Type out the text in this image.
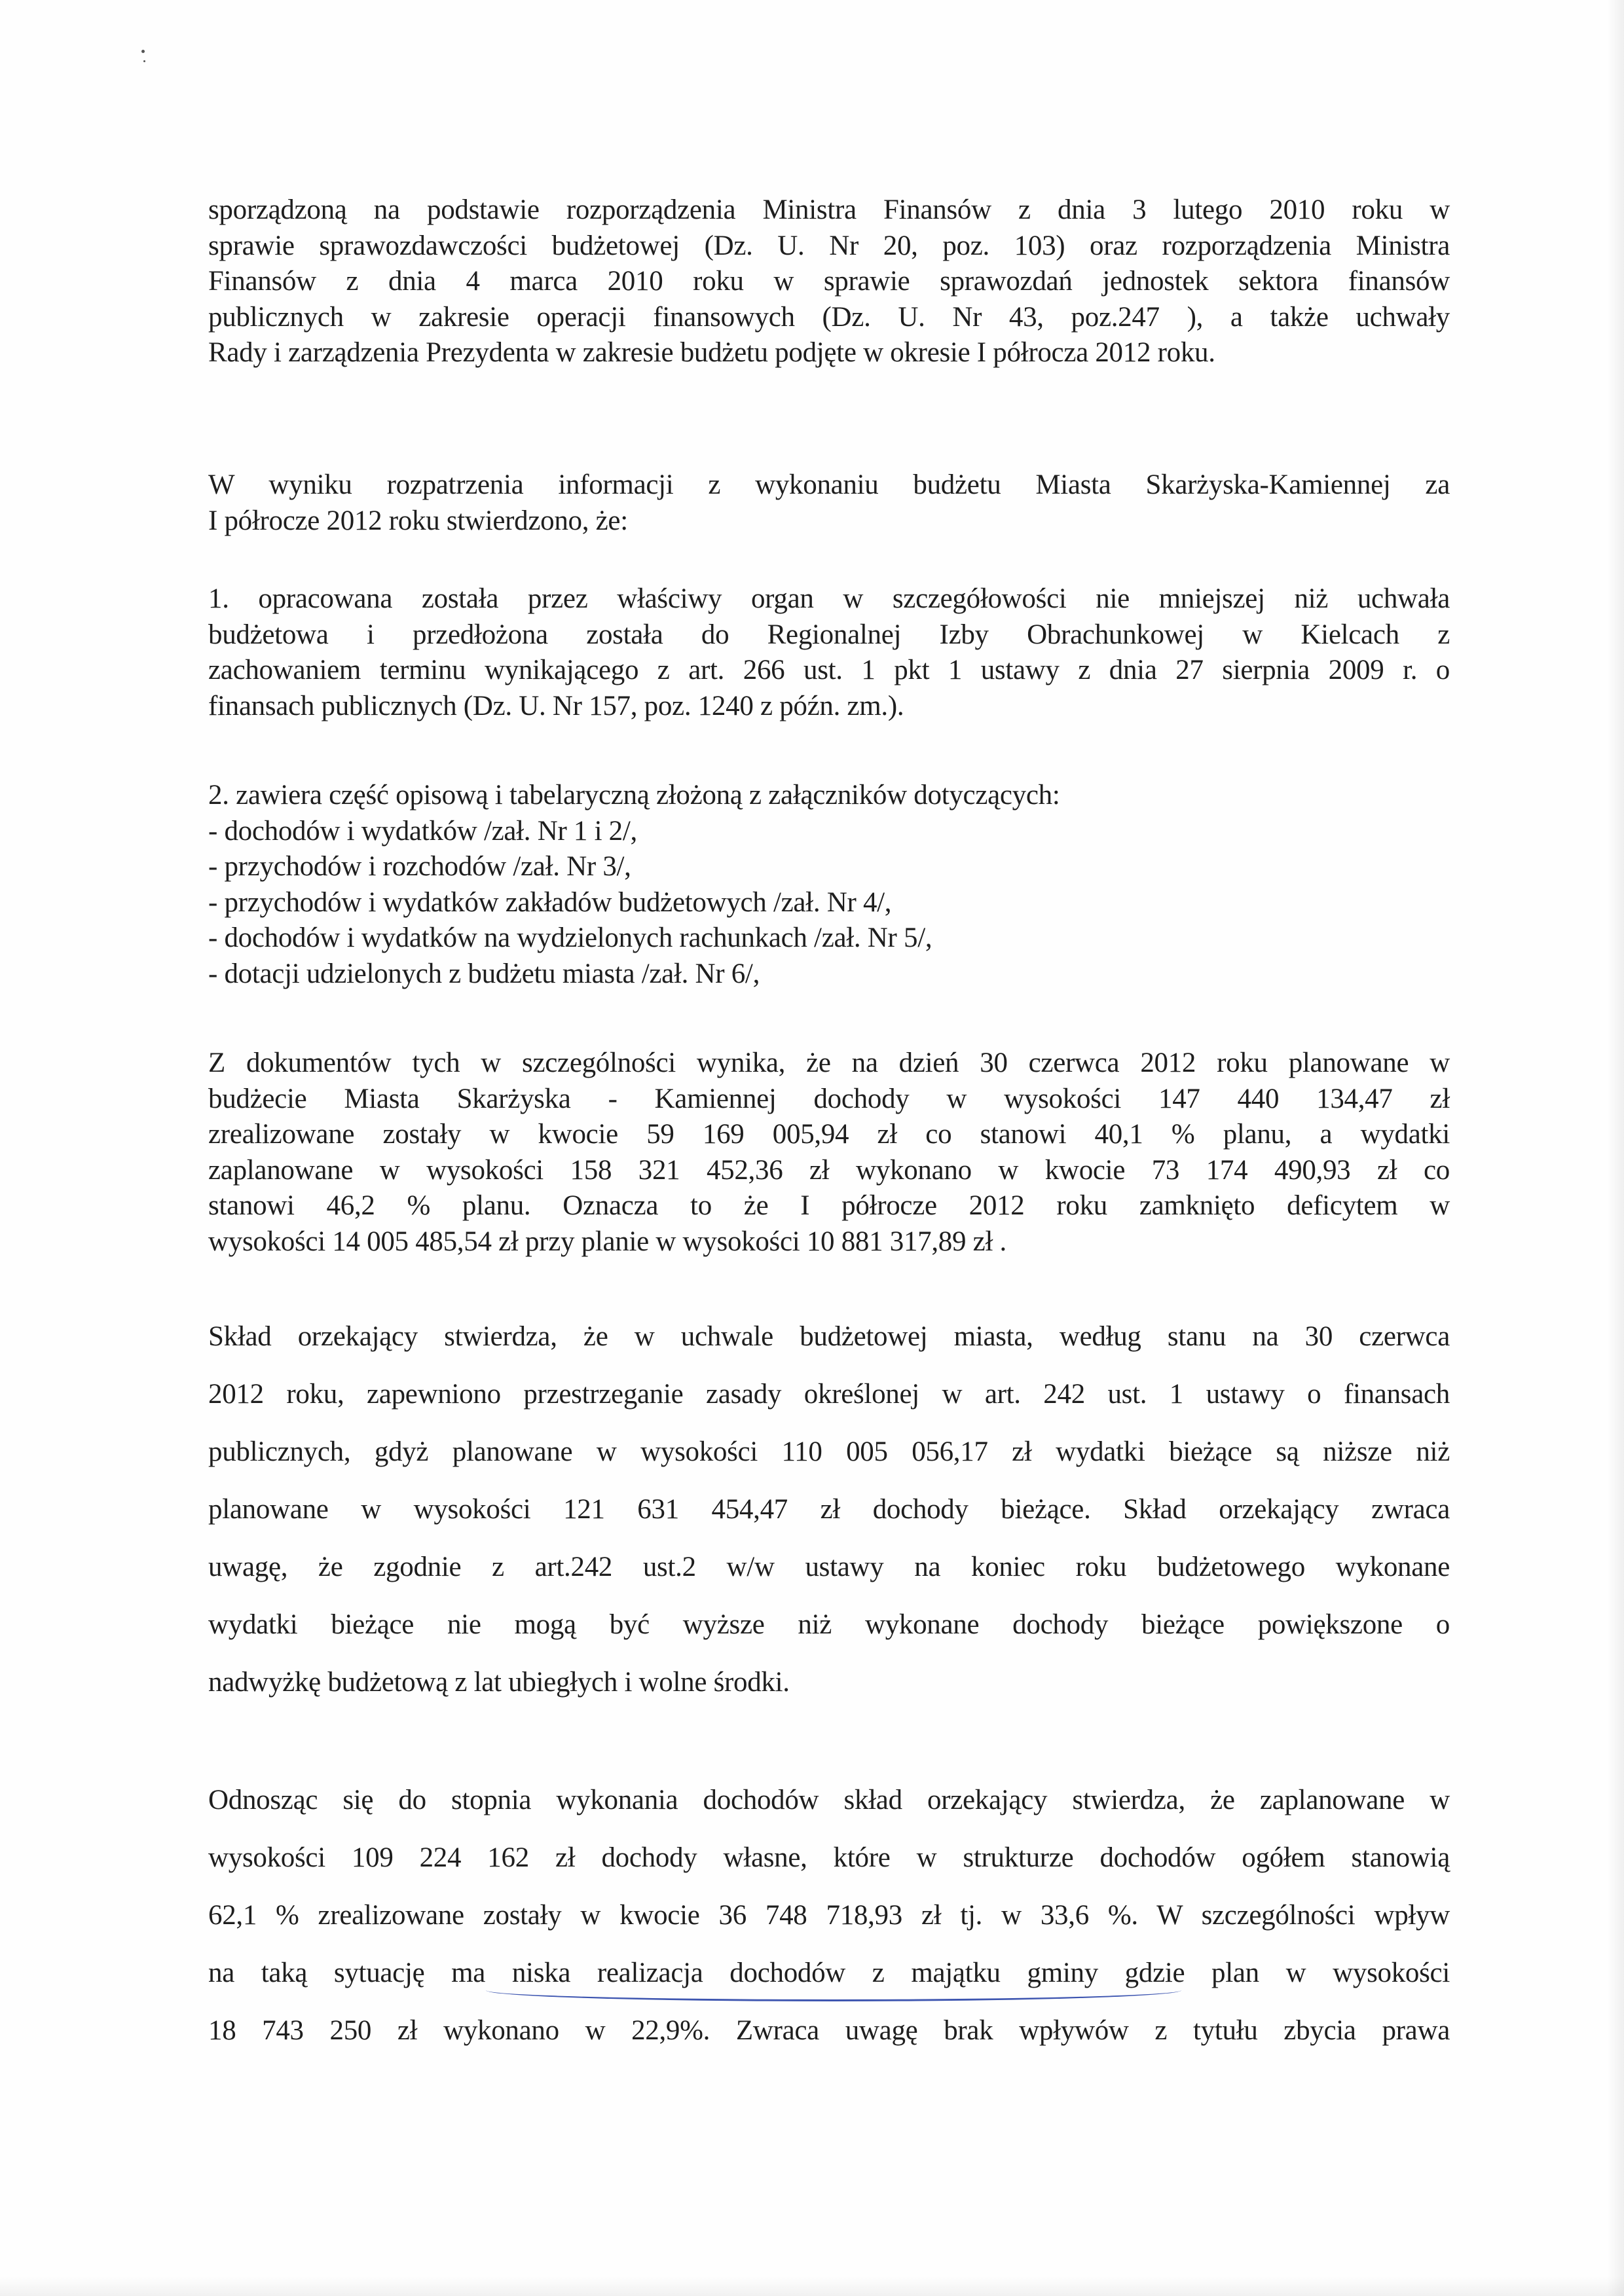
sporządzoną na podstawie rozporządzenia Ministra Finansów z dnia 3 lutego 2010 roku w

sprawie sprawozdawczości budżetowej (Dz. U. Nr 20, poz. 103) oraz rozporządzenia Ministra

Finansów z dnia 4 marca 2010 roku w sprawie sprawozdań jednostek sektora finansów

publicznych w zakresie operacji finansowych (Dz. U. Nr 43, poz.247 ), a także uchwały

Rady i zarządzenia Prezydenta w zakresie budżetu podjęte w okresie I półrocza 2012 roku.

W wyniku rozpatrzenia informacji z wykonaniu budżetu Miasta Skarżyska-Kamiennej za

I półrocze 2012 roku stwierdzono, że:

1. opracowana została przez właściwy organ w szczegółowości nie mniejszej niż uchwała

budżetowa i przedłożona została do Regionalnej Izby Obrachunkowej w Kielcach z

zachowaniem terminu wynikającego z art. 266 ust. 1 pkt 1 ustawy z dnia 27 sierpnia 2009 r. o

finansach publicznych (Dz. U. Nr 157, poz. 1240 z późn. zm.).

2. zawiera część opisową i tabelaryczną złożoną z załączników dotyczących:

- dochodów i wydatków /zał. Nr 1 i 2/,

- przychodów i rozchodów /zał. Nr 3/,

- przychodów i wydatków zakładów budżetowych /zał. Nr 4/,

- dochodów i wydatków na wydzielonych rachunkach /zał. Nr 5/,

- dotacji udzielonych z budżetu miasta /zał. Nr 6/,

Z dokumentów tych w szczególności wynika, że na dzień 30 czerwca 2012 roku planowane w

budżecie Miasta Skarżyska - Kamiennej dochody w wysokości 147 440 134,47 zł

zrealizowane zostały w kwocie 59 169 005,94 zł co stanowi 40,1 % planu, a wydatki

zaplanowane w wysokości 158 321 452,36 zł wykonano w kwocie 73 174 490,93 zł co

stanowi 46,2 % planu. Oznacza to że I półrocze 2012 roku zamknięto deficytem w

wysokości 14 005 485,54 zł przy planie w wysokości 10 881 317,89 zł .

Skład orzekający stwierdza, że w uchwale budżetowej miasta, według stanu na 30 czerwca

2012 roku, zapewniono przestrzeganie zasady określonej w art. 242 ust. 1 ustawy o finansach

publicznych, gdyż planowane w wysokości 110 005 056,17 zł wydatki bieżące są niższe niż

planowane w wysokości 121 631 454,47 zł dochody bieżące. Skład orzekający zwraca

uwagę, że zgodnie z art.242 ust.2 w/w ustawy na koniec roku budżetowego wykonane

wydatki bieżące nie mogą być wyższe niż wykonane dochody bieżące powiększone o

nadwyżkę budżetową z lat ubiegłych i wolne środki.

Odnosząc się do stopnia wykonania dochodów skład orzekający stwierdza, że zaplanowane w

wysokości 109 224 162 zł dochody własne, które w strukturze dochodów ogółem stanowią

62,1 % zrealizowane zostały w kwocie 36 748 718,93 zł tj. w 33,6 %. W szczególności wpływ

na taką sytuację ma niska realizacja dochodów z majątku gminy gdzie plan w wysokości

18 743 250 zł wykonano w 22,9%. Zwraca uwagę brak wpływów z tytułu zbycia prawa
